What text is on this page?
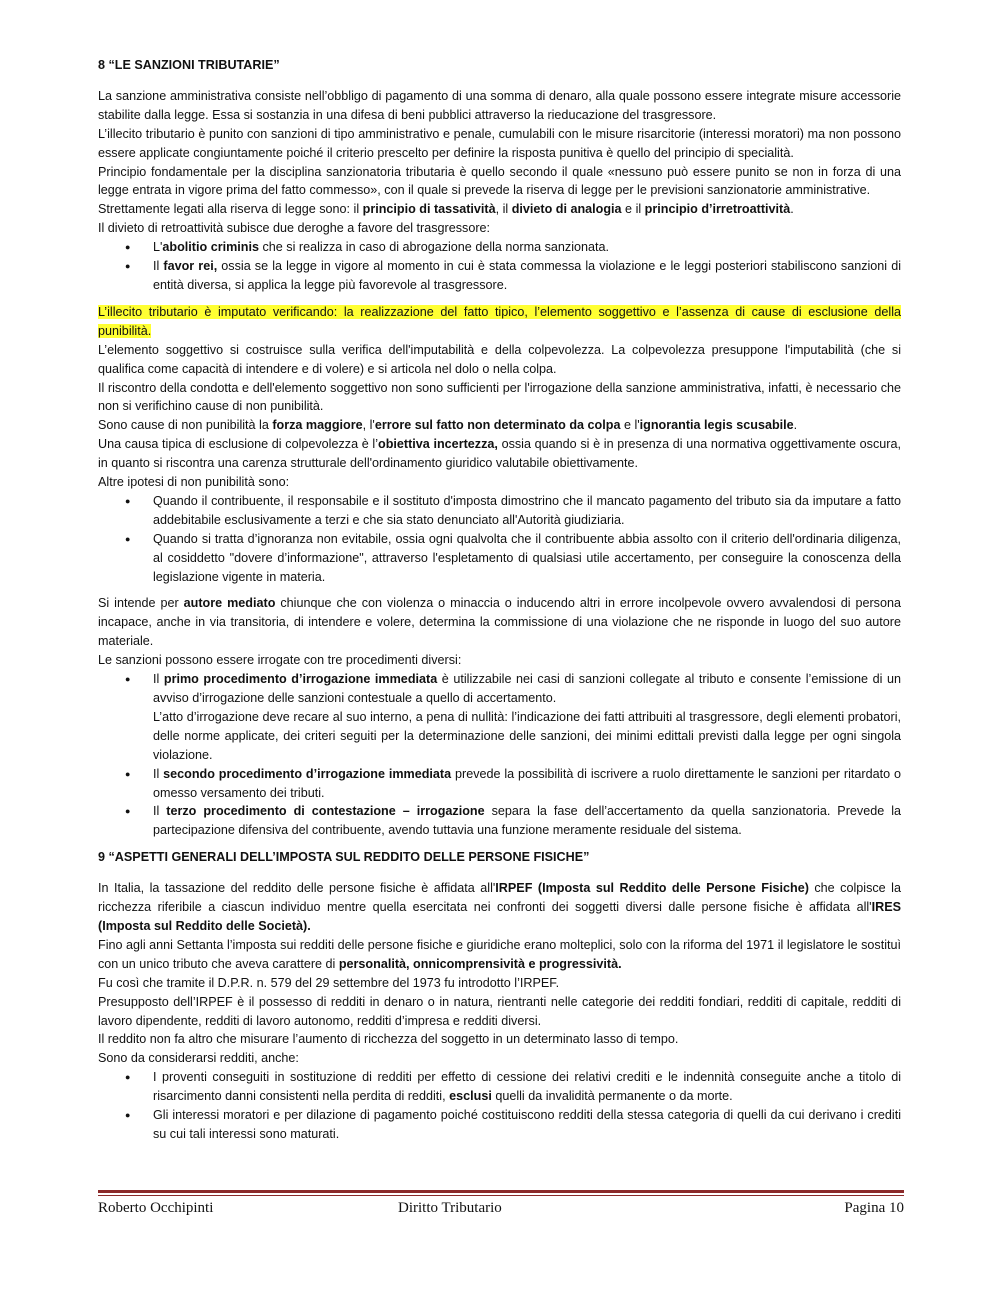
8 “LE SANZIONI TRIBUTARIE”

La sanzione amministrativa consiste nell’obbligo di pagamento di una somma di denaro, alla quale possono essere integrate misure accessorie stabilite dalla legge. Essa si sostanzia in una difesa di beni pubblici attraverso la rieducazione del trasgressore.

L’illecito tributario è punito con sanzioni di tipo amministrativo e penale, cumulabili con le misure risarcitorie (interessi moratori) ma non possono essere applicate congiuntamente poiché il criterio prescelto per definire la risposta punitiva è quello del principio di specialità.

Principio fondamentale per la disciplina sanzionatoria tributaria è quello secondo il quale «nessuno può essere punito se non in forza di una legge entrata in vigore prima del fatto commesso», con il quale si prevede la riserva di legge per le previsioni sanzionatorie amministrative.

Strettamente legati alla riserva di legge sono: il principio di tassatività, il divieto di analogia e il principio d’irretroattività.

Il divieto di retroattività subisce due deroghe a favore del trasgressore:

● L'abolitio criminis che si realizza in caso di abrogazione della norma sanzionata.
● Il favor rei, ossia se la legge in vigore al momento in cui è stata commessa la violazione e le leggi posteriori stabiliscono sanzioni di entità diversa, si applica la legge più favorevole al trasgressore.

L’illecito tributario è imputato verificando: la realizzazione del fatto tipico, l’elemento soggettivo e l’assenza di cause di esclusione della punibilità.

L’elemento soggettivo si costruisce sulla verifica dell'imputabilità e della colpevolezza. La colpevolezza presuppone l'imputabilità (che si qualifica come capacità di intendere e di volere) e si articola nel dolo o nella colpa.

Il riscontro della condotta e dell'elemento soggettivo non sono sufficienti per l'irrogazione della sanzione amministrativa, infatti, è necessario che non si verifichino cause di non punibilità.

Sono cause di non punibilità la forza maggiore, l'errore sul fatto non determinato da colpa e l'ignorantia legis scusabile.

Una causa tipica di esclusione di colpevolezza è l’obiettiva incertezza, ossia quando si è in presenza di una normativa oggettivamente oscura, in quanto si riscontra una carenza strutturale dell'ordinamento giuridico valutabile obiettivamente.

Altre ipotesi di non punibilità sono:

● Quando il contribuente, il responsabile e il sostituto d'imposta dimostrino che il mancato pagamento del tributo sia da imputare a fatto addebitabile esclusivamente a terzi e che sia stato denunciato all'Autorità giudiziaria.
● Quando si tratta d’ignoranza non evitabile, ossia ogni qualvolta che il contribuente abbia assolto con il criterio dell'ordinaria diligenza, al cosiddetto "dovere d’informazione", attraverso l'espletamento di qualsiasi utile accertamento, per conseguire la conoscenza della legislazione vigente in materia.

Si intende per autore mediato chiunque che con violenza o minaccia o inducendo altri in errore incolpevole ovvero avvalendosi di persona incapace, anche in via transitoria, di intendere e volere, determina la commissione di una violazione che ne risponde in luogo del suo autore materiale.

Le sanzioni possono essere irrogate con tre procedimenti diversi:

● Il primo procedimento d’irrogazione immediata è utilizzabile nei casi di sanzioni collegate al tributo e consente l’emissione di un avviso d’irrogazione delle sanzioni contestuale a quello di accertamento.
L’atto d’irrogazione deve recare al suo interno, a pena di nullità: l’indicazione dei fatti attribuiti al trasgressore, degli elementi probatori, delle norme applicate, dei criteri seguiti per la determinazione delle sanzioni, dei minimi edittali previsti dalla legge per ogni singola violazione.
● Il secondo procedimento d’irrogazione immediata prevede la possibilità di iscrivere a ruolo direttamente le sanzioni per ritardato o omesso versamento dei tributi.
● Il terzo procedimento di contestazione – irrogazione separa la fase dell’accertamento da quella sanzionatoria. Prevede la partecipazione difensiva del contribuente, avendo tuttavia una funzione meramente residuale del sistema.
9 “ASPETTI GENERALI DELL’IMPOSTA SUL REDDITO DELLE PERSONE FISICHE”

In Italia, la tassazione del reddito delle persone fisiche è affidata all'IRPEF (Imposta sul Reddito delle Persone Fisiche) che colpisce la ricchezza riferibile a ciascun individuo mentre quella esercitata nei confronti dei soggetti diversi dalle persone fisiche è affidata all'IRES (Imposta sul Reddito delle Società).

Fino agli anni Settanta l’imposta sui redditi delle persone fisiche e giuridiche erano molteplici, solo con la riforma del 1971 il legislatore le sostituì con un unico tributo che aveva carattere di personalità, onnicomprensività e progressività.

Fu così che tramite il D.P.R. n. 579 del 29 settembre del 1973 fu introdotto l’IRPEF.

Presupposto dell’IRPEF è il possesso di redditi in denaro o in natura, rientranti nelle categorie dei redditi fondiari, redditi di capitale, redditi di lavoro dipendente, redditi di lavoro autonomo, redditi d’impresa e redditi diversi.

Il reddito non fa altro che misurare l’aumento di ricchezza del soggetto in un determinato lasso di tempo.

Sono da considerarsi redditi, anche:

● I proventi conseguiti in sostituzione di redditi per effetto di cessione dei relativi crediti e le indennità conseguite anche a titolo di risarcimento danni consistenti nella perdita di redditi, esclusi quelli da invalidità permanente o da morte.
● Gli interessi moratori e per dilazione di pagamento poiché costituiscono redditi della stessa categoria di quelli da cui derivano i crediti su cui tali interessi sono maturati.
Roberto Occhipinti	Diritto Tributario	Pagina 10
